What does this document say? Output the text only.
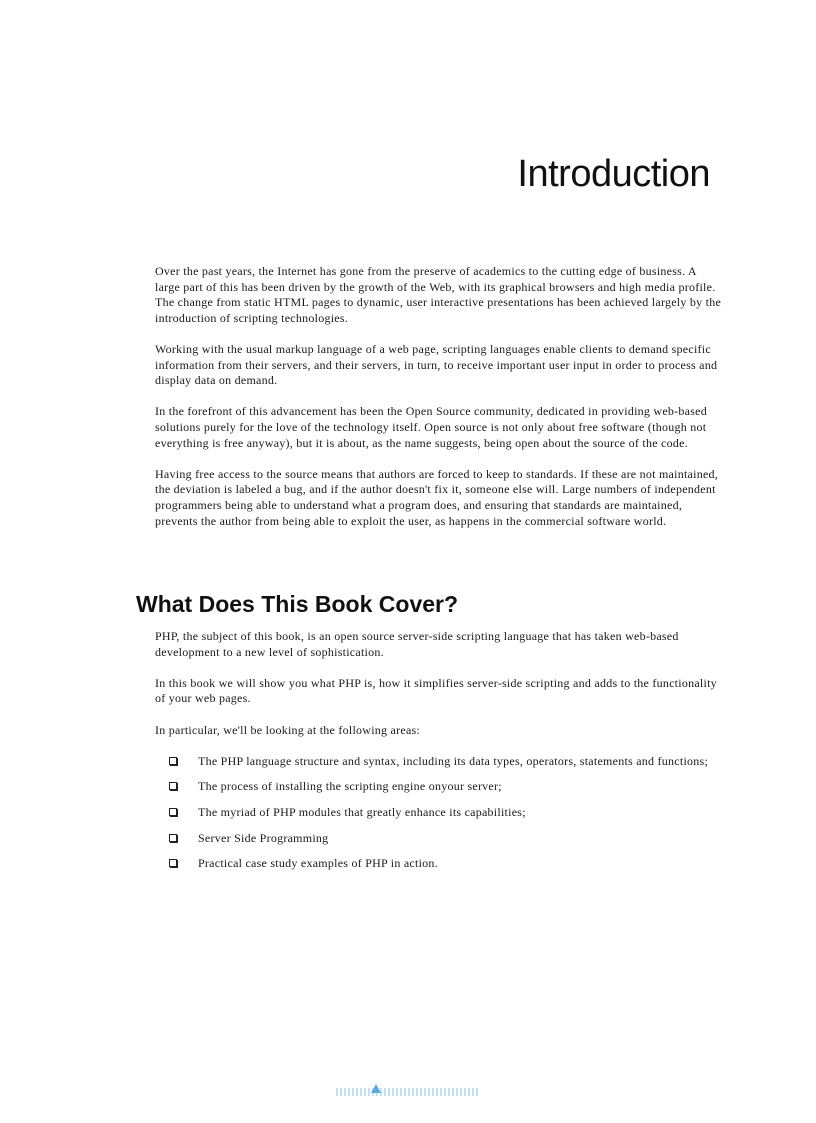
Introduction

Over the past years, the Internet has gone from the preserve of academics to the cutting edge of business. A large part of this has been driven by the growth of the Web, with its graphical browsers and high media profile. The change from static HTML pages to dynamic, user interactive presentations has been achieved largely by the introduction of scripting technologies.

Working with the usual markup language of a web page, scripting languages enable clients to demand specific information from their servers, and their servers, in turn, to receive important user input in order to process and display data on demand.

In the forefront of this advancement has been the Open Source community, dedicated in providing web-based solutions purely for the love of the technology itself. Open source is not only about free software (though not everything is free anyway), but it is about, as the name suggests, being open about the source of the code.

Having free access to the source means that authors are forced to keep to standards. If these are not maintained, the deviation is labeled a bug, and if the author doesn't fix it, someone else will. Large numbers of independent programmers being able to understand what a program does, and ensuring that standards are maintained, prevents the author from being able to exploit the user, as happens in the commercial software world.

What Does This Book Cover?

PHP, the subject of this book, is an open source server-side scripting language that has taken web-based development to a new level of sophistication.

In this book we will show you what PHP is, how it simplifies server-side scripting and adds to the functionality of your web pages.

In particular, we'll be looking at the following areas:

The PHP language structure and syntax, including its data types, operators, statements and functions;
The process of installing the scripting engine onyour server;
The myriad of PHP modules that greatly enhance its capabilities;
Server Side Programming
Practical case study examples of PHP in action.
